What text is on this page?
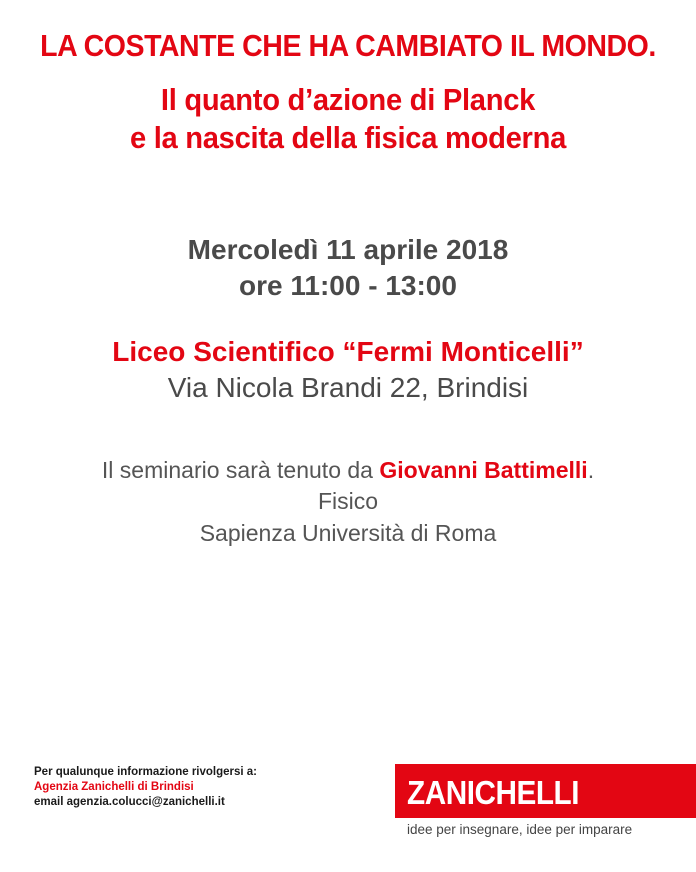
LA COSTANTE CHE HA CAMBIATO IL MONDO.
Il quanto d’azione di Planck
e la nascita della fisica moderna
Mercoledì 11 aprile 2018
ore 11:00 - 13:00
Liceo Scientifico “Fermi Monticelli”
Via Nicola Brandi 22, Brindisi
Il seminario sarà tenuto da Giovanni Battimelli.
Fisico
Sapienza Università di Roma
Per qualunque informazione rivolgersi a:
Agenzia Zanichelli di Brindisi
email agenzia.colucci@zanichelli.it	ZANICHELLI
idee per insegnare, idee per imparare
